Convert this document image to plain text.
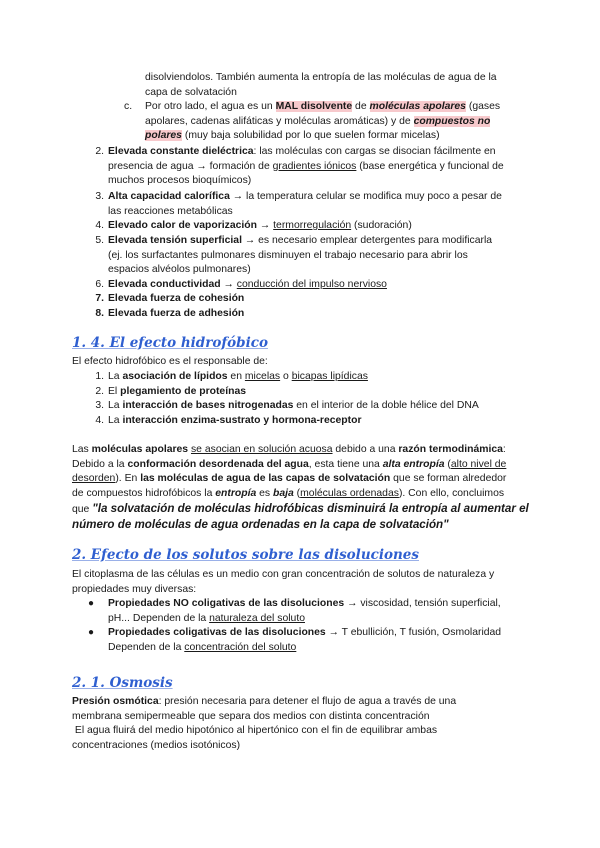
disolviendolos. También aumenta la entropía de las moléculas de agua de la
capa de solvatación
c. Por otro lado, el agua es un MAL disolvente de moléculas apolares (gases
apolares, cadenas alifáticas y moléculas aromáticas) y de compuestos no
polares (muy baja solubilidad por lo que suelen formar micelas)
2. Elevada constante dieléctrica: las moléculas con cargas se disocian fácilmente en
presencia de agua → formación de gradientes iónicos (base energética y funcional de
muchos procesos bioquímicos)
3. Alta capacidad calorífica → la temperatura celular se modifica muy poco a pesar de
las reacciones metabólicas
4. Elevado calor de vaporización → termorregulación (sudoración)
5. Elevada tensión superficial → es necesario emplear detergentes para modificarla
(ej. los surfactantes pulmonares disminuyen el trabajo necesario para abrir los
espacios alvéolos pulmonares)
6. Elevada conductividad → conducción del impulso nervioso
7. Elevada fuerza de cohesión
8. Elevada fuerza de adhesión
1. 4. El efecto hidrofóbico
El efecto hidrofóbico es el responsable de:
1. La asociación de lípidos en micelas o bicapas lipídicas
2. El plegamiento de proteínas
3. La interacción de bases nitrogenadas en el interior de la doble hélice del DNA
4. La interacción enzima-sustrato y hormona-receptor
Las moléculas apolares se asocian en solución acuosa debido a una razón termodinámica:
Debido a la conformación desordenada del agua, esta tiene una alta entropía (alto nivel de
desorden). En las moléculas de agua de las capas de solvatación que se forman alrededor
de compuestos hidrofóbicos la entropía es baja (moléculas ordenadas). Con ello, concluimos
que "la solvatación de moléculas hidrofóbicas disminuirá la entropía al aumentar el
número de moléculas de agua ordenadas en la capa de solvatación"
2. Efecto de los solutos sobre las disoluciones
El citoplasma de las células es un medio con gran concentración de solutos de naturaleza y
propiedades muy diversas:
● Propiedades NO coligativas de las disoluciones → viscosidad, tensión superficial,
pH... Dependen de la naturaleza del soluto
● Propiedades coligativas de las disoluciones → T ebullición, T fusión, Osmolaridad
Dependen de la concentración del soluto
2. 1. Osmosis
Presión osmótica: presión necesaria para detener el flujo de agua a través de una
membrana semipermeable que separa dos medios con distinta concentración
El agua fluirá del medio hipotónico al hipertónico con el fin de equilibrar ambas
concentraciones (medios isotónicos)
